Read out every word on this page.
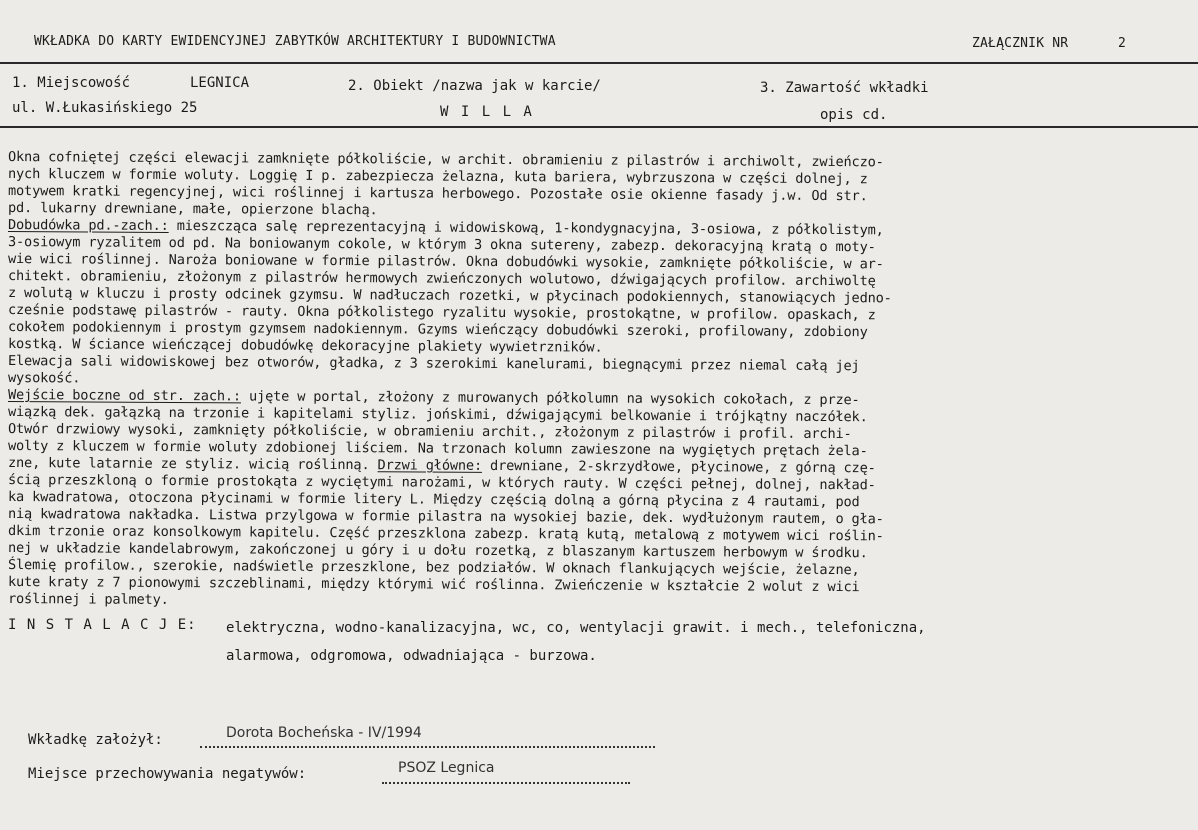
WKŁADKA DO KARTY EWIDENCYJNEJ ZABYTKÓW ARCHITEKTURY I BUDOWNICTWA	ZAŁĄCZNIK NR	2
1. Miejscowość	LEGNICA
ul. W.Łukasińskiego 25
2. Obiekt /nazwa jak w karcie/
W I L L A
3. Zawartość wkładki
opis cd.
Okna cofniętej części elewacji zamknięte półkoliście, w archit. obramieniu z pilastrów i archiwolt, zwieńczo-
nych kluczem w formie woluty. Loggię I p. zabezpiecza żelazna, kuta bariera, wybrzuszona w części dolnej, z
motywem kratki regencyjnej, wici roślinnej i kartusza herbowego. Pozostałe osie okienne fasady j.w. Od str.
pd. lukarny drewniane, małe, opierzone blachą.
Dobudówka pd.-zach.: mieszcząca salę reprezentacyjną i widowiskową, 1-kondygnacyjna, 3-osiowa, z półkolistym,
3-osiowym ryzalitem od pd. Na boniowanym cokole, w którym 3 okna sutereny, zabezp. dekoracyjną kratą o moty-
wie wici roślinnej. Naroża boniowane w formie pilastrów. Okna dobudówki wysokie, zamknięte półkoliście, w ar-
chitekt. obramieniu, złożonym z pilastrów hermowych zwieńczonych wolutowo, dźwigających profilow. archiwoltę
z wolutą w kluczu i prosty odcinek gzymsu. W nadłuczach rozetki, w płycinach podokiennych, stanowiących jedno-
cześnie podstawę pilastrów - rauty. Okna półkolistego ryzalitu wysokie, prostokątne, w profilow. opaskach, z
cokołem podokiennym i prostym gzymsem nadokiennym. Gzyms wieńczący dobudówki szeroki, profilowany, zdobiony
kostką. W ściance wieńczącej dobudówkę dekoracyjne plakiety wywietrzników.
Elewacja sali widowiskowej bez otworów, gładka, z 3 szerokimi kanelurami, biegnącymi przez niemal całą jej
wysokość.
Wejście boczne od str. zach.: ujęte w portal, złożony z murowanych półkolumn na wysokich cokołach, z prze-
wiązką dek. gałązką na trzonie i kapitelami styliz. jońskimi, dźwigającymi belkowanie i trójkątny naczółek.
Otwór drzwiowy wysoki, zamknięty półkoliście, w obramieniu archit., złożonym z pilastrów i profil. archi-
wolty z kluczem w formie woluty zdobionej liściem. Na trzonach kolumn zawieszone na wygiętych prętach żela-
zne, kute latarnie ze styliz. wicią roślinną. Drzwi główne: drewniane, 2-skrzydłowe, płycinowe, z górną czę-
ścią przeszkloną o formie prostokąta z wyciętymi narożami, w których rauty. W części pełnej, dolnej, nakład-
ka kwadratowa, otoczona płycinami w formie litery L. Między częścią dolną a górną płycina z 4 rautami, pod
nią kwadratowa nakładka. Listwa przylgowa w formie pilastra na wysokiej bazie, dek. wydłużonym rautem, o gła-
dkim trzonie oraz konsolkowym kapitelu. Część przeszklona zabezp. kratą kutą, metalową z motywem wici roślin-
nej w układzie kandelabrowym, zakończonej u góry i u dołu rozetką, z blaszanym kartuszem herbowym w środku.
Ślemię profilow., szerokie, nadświetle przeszklone, bez podziałów. W oknach flankujących wejście, żelazne,
kute kraty z 7 pionowymi szczeblinami, między którymi wić roślinna. Zwieńczenie w kształcie 2 wolut z wici
roślinnej i palmety.
I N S T A L A C J E: elektryczna, wodno-kanalizacyjna, wc, co, wentylacji grawit. i mech., telefoniczna,
alarmowa, odgromowa, odwadniająca - burzowa.
Wkładkę założył:	Dorota Bocheńska - IV/1994
Miejsce przechowywania negatywów:	PSOZ Legnica
